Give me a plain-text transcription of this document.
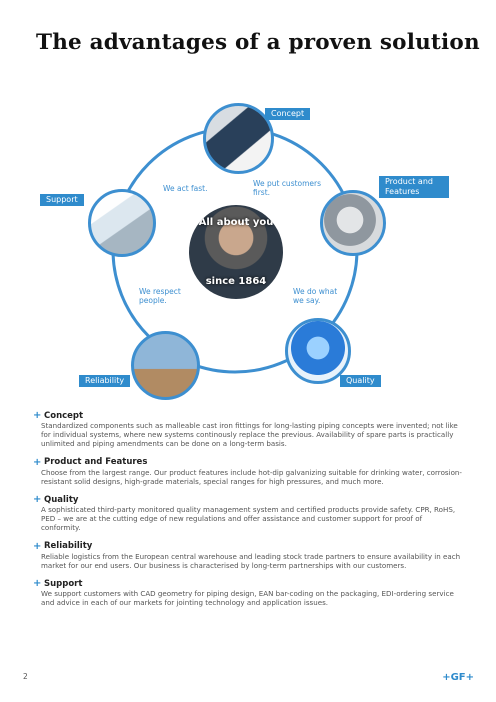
The advantages of a proven solution
All about you
since 1864
Concept
Product and Features
Support
Reliability	Quality
We act fast.
We put customers first.
We respect people.
We do what we say.
+ Concept
Standardized components such as malleable cast iron fittings for long-lasting piping concepts were invented; not like for individual systems, where new systems continously replace the previous. Availability of spare parts is practically unlimited and piping amendments can be done on a long-term basis.
+ Product and Features
Choose from the largest range. Our product features include hot-dip galvanizing suitable for drinking water, corrosion-resistant solid designs, high-grade materials, special ranges for high pressures, and much more.
+ Quality
A sophisticated third-party monitored quality management system and certified products provide safety. CPR, RoHS, PED – we are at the cutting edge of new regulations and offer assistance and customer support for proof of conformity.
+ Reliability
Reliable logistics from the European central warehouse and leading stock trade partners to ensure availability in each market for our end users. Our business is characterised by long-term partnerships with our customers.
+ Support
We support customers with CAD geometry for piping design, EAN bar-coding on the packaging, EDI-ordering service and advice in each of our markets for jointing technology and application issues.
2	+GF+
